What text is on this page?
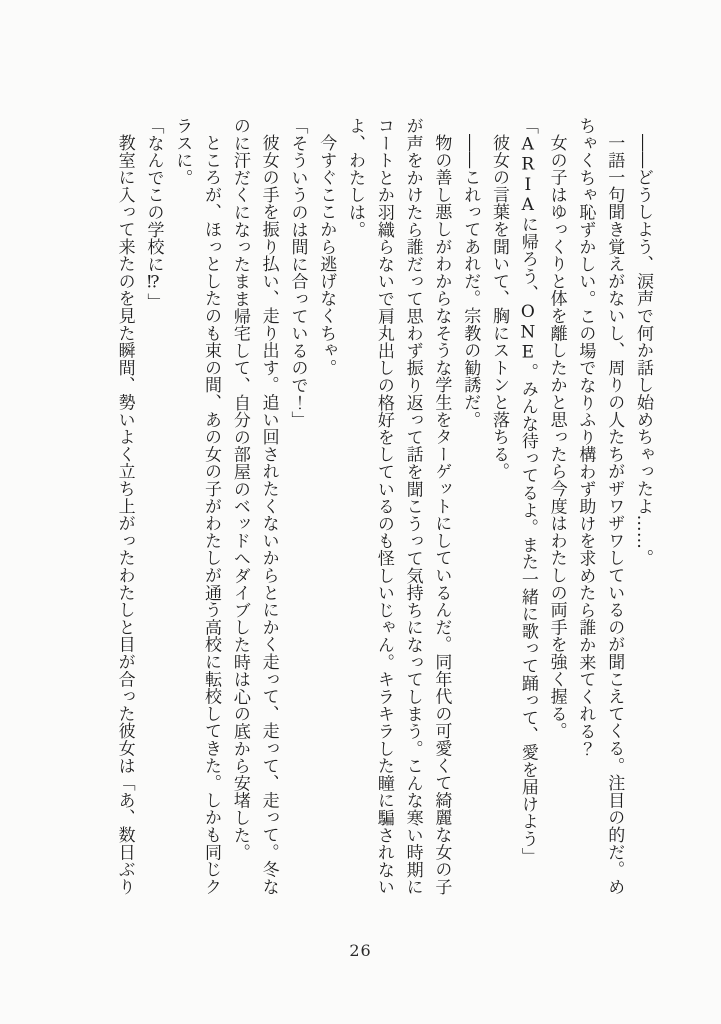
――どうしよう、涙声で何か話し始めちゃったよ……。

一語一句聞き覚えがないし、周りの人たちがザワザワしているのが聞こえてくる。注目の的だ。め

ちゃくちゃ恥ずかしい。この場でなりふり構わず助けを求めたら誰か来てくれる？

女の子はゆっくりと体を離したかと思ったら今度はわたしの両手を強く握る。

「ARIAに帰ろう、ONE。みんな待ってるよ。また一緒に歌って踊って、愛を届けよう」

彼女の言葉を聞いて、胸にストンと落ちる。

――これってあれだ。宗教の勧誘だ。

物の善し悪しがわからなそうな学生をターゲットにしているんだ。同年代の可愛くて綺麗な女の子

が声をかけたら誰だって思わず振り返って話を聞こうって気持ちになってしまう。こんな寒い時期に

コートとか羽織らないで肩丸出しの格好をしているのも怪しいじゃん。キラキラした瞳に騙されない

よ、わたしは。

今すぐここから逃げなくちゃ。

「そういうのは間に合っているので！」

彼女の手を振り払い、走り出す。追い回されたくないからとにかく走って、走って、走って。冬な

のに汗だくになったまま帰宅して、自分の部屋のベッドへダイブした時は心の底から安堵した。

ところが、ほっとしたのも束の間、あの女の子がわたしが通う高校に転校してきた。しかも同じク

ラスに。

「なんでこの学校に⁉」

教室に入って来たのを見た瞬間、勢いよく立ち上がったわたしと目が合った彼女は「あ、数日ぶり

26
